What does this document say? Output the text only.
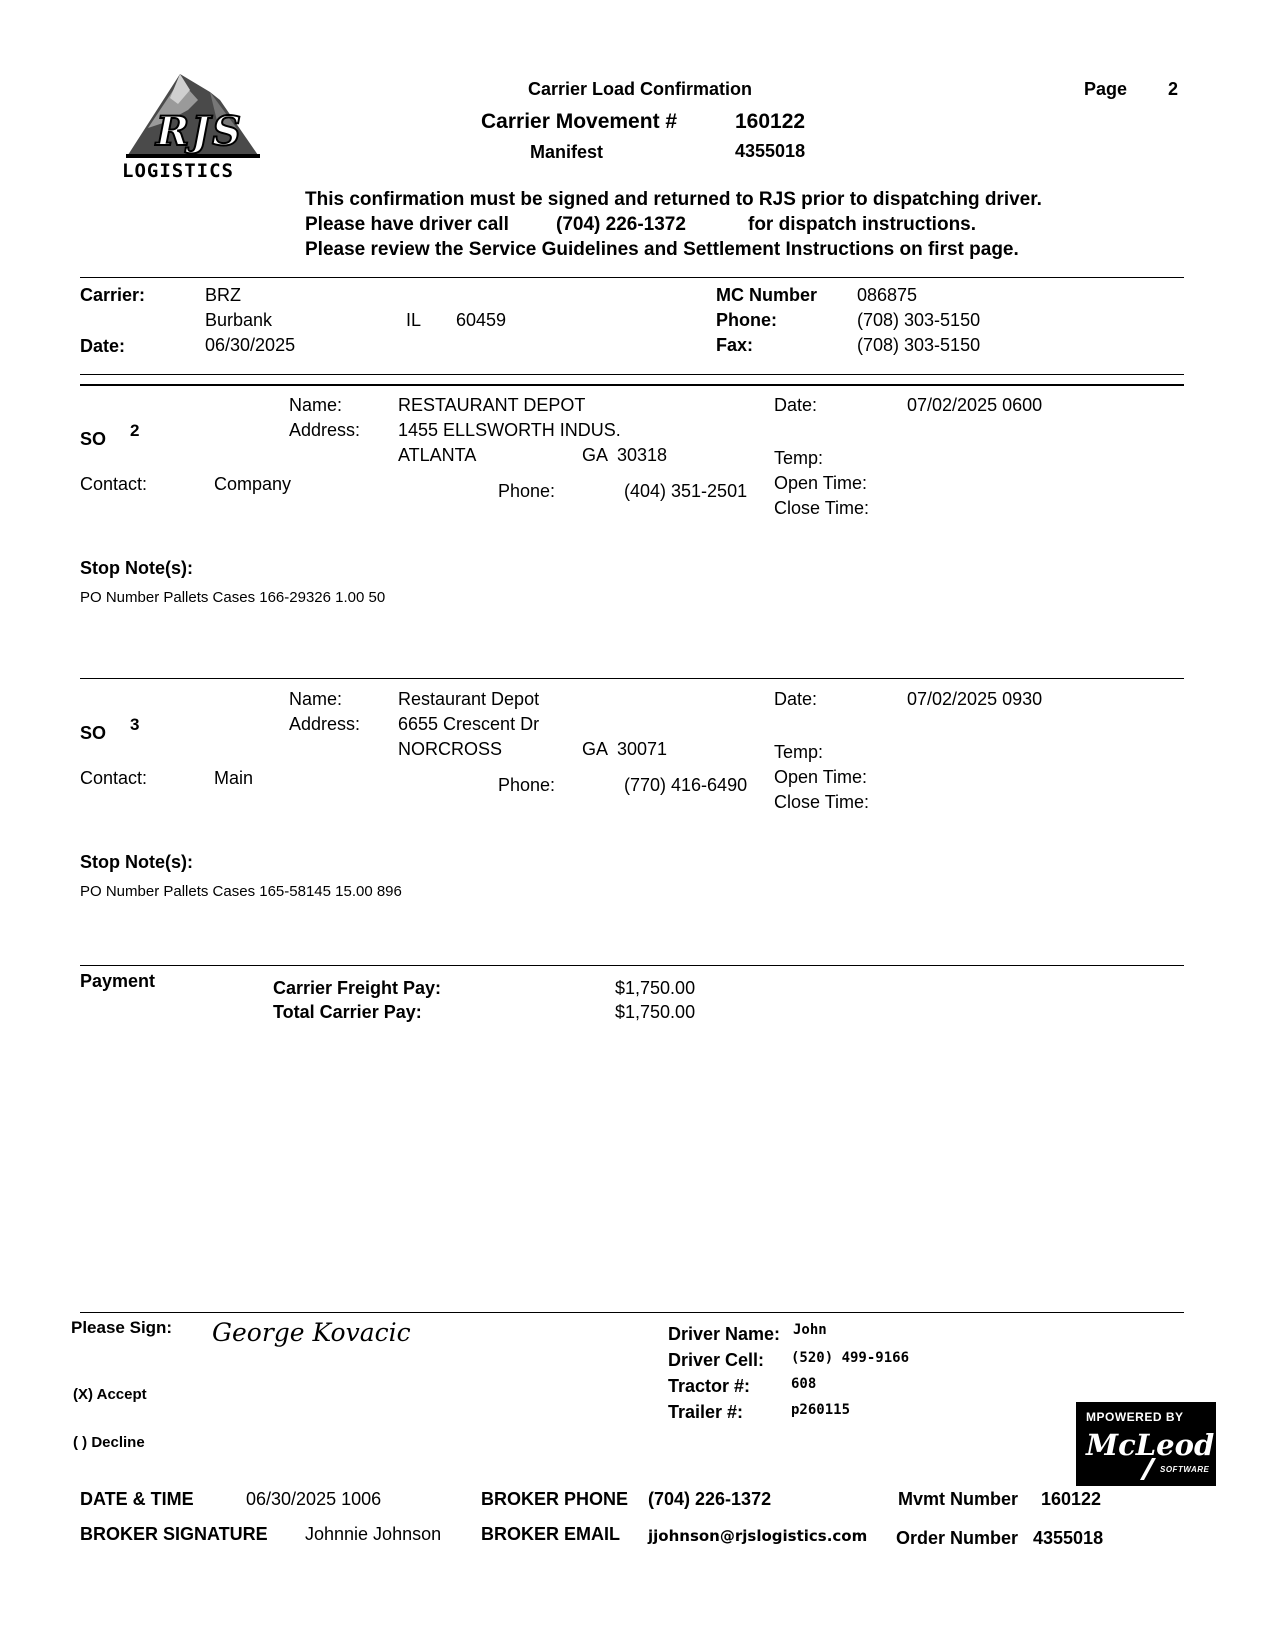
RJS
LOGISTICS
Carrier Load Confirmation	Page 2
Carrier Movement #	160122
Manifest	4355018
This confirmation must be signed and returned to RJS prior to dispatching driver.
Please have driver call (704) 226-1372	for dispatch instructions.
Please review the Service Guidelines and Settlement Instructions on first page.
Carrier:	BRZ
Burbank	IL 60459
Date:	06/30/2025
MC Number 086875
Phone:	(708) 303-5150
Fax:	(708) 303-5150
SO 2
Name:	RESTAURANT DEPOT
Address: 1455 ELLSWORTH INDUS.
ATLANTA	GA  30318
Contact:	Company	Phone:	(404) 351-2501
Date:	07/02/2025 0600
Temp:
Open Time:
Close Time:
Stop Note(s):
PO Number Pallets Cases 166-29326 1.00 50
SO 3
Name:	Restaurant Depot
Address: 6655 Crescent Dr
NORCROSS	GA  30071
Contact:	Main	Phone:	(770) 416-6490
Date:	07/02/2025 0930
Temp:
Open Time:
Close Time:
Stop Note(s):
PO Number Pallets Cases 165-58145 15.00 896
Payment	Carrier Freight Pay:	$1,750.00
Total Carrier Pay:	$1,750.00
Please Sign: George Kovacic
(X) Accept
( ) Decline
Driver Name: John
Driver Cell: (520) 499-9166
Tractor #:	608
Trailer #:	p260115	MPOWERED BY
McLeod
SOFTWARE
DATE & TIME	06/30/2025 1006
BROKER SIGNATURE Johnnie Johnson
BROKER PHONE (704) 226-1372
BROKER EMAIL jjohnson@rjslogistics.com
Mvmt Number 160122
Order Number 4355018
